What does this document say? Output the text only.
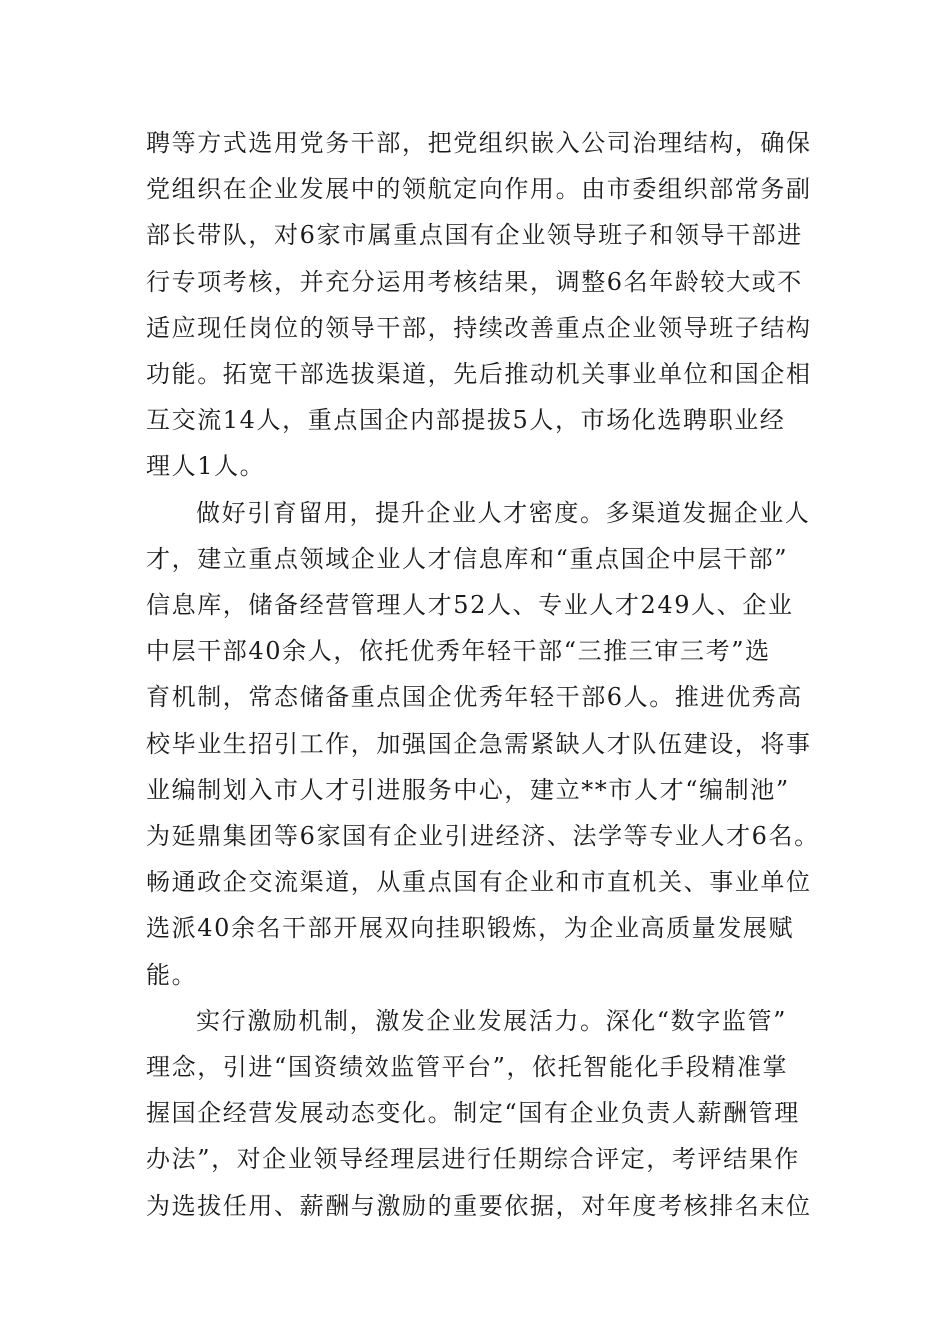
聘等方式选用党务干部，把党组织嵌入公司治理结构，确保
党组织在企业发展中的领航定向作用。由市委组织部常务副
部长带队，对6家市属重点国有企业领导班子和领导干部进
行专项考核，并充分运用考核结果，调整6名年龄较大或不
适应现任岗位的领导干部，持续改善重点企业领导班子结构
功能。拓宽干部选拔渠道，先后推动机关事业单位和国企相
互交流14人，重点国企内部提拔5人，市场化选聘职业经
理人1人。

做好引育留用，提升企业人才密度。多渠道发掘企业人
才，建立重点领域企业人才信息库和“重点国企中层干部”
信息库，储备经营管理人才52人、专业人才249人、企业
中层干部40余人，依托优秀年轻干部“三推三审三考”选
育机制，常态储备重点国企优秀年轻干部6人。推进优秀高
校毕业生招引工作，加强国企急需紧缺人才队伍建设，将事
业编制划入市人才引进服务中心，建立**市人才“编制池”
为延鼎集团等6家国有企业引进经济、法学等专业人才6名。
畅通政企交流渠道，从重点国有企业和市直机关、事业单位
选派40余名干部开展双向挂职锻炼，为企业高质量发展赋
能。

实行激励机制，激发企业发展活力。深化“数字监管”
理念，引进“国资绩效监管平台”，依托智能化手段精准掌
握国企经营发展动态变化。制定“国有企业负责人薪酬管理
办法”，对企业领导经理层进行任期综合评定，考评结果作
为选拔任用、薪酬与激励的重要依据，对年度考核排名末位
